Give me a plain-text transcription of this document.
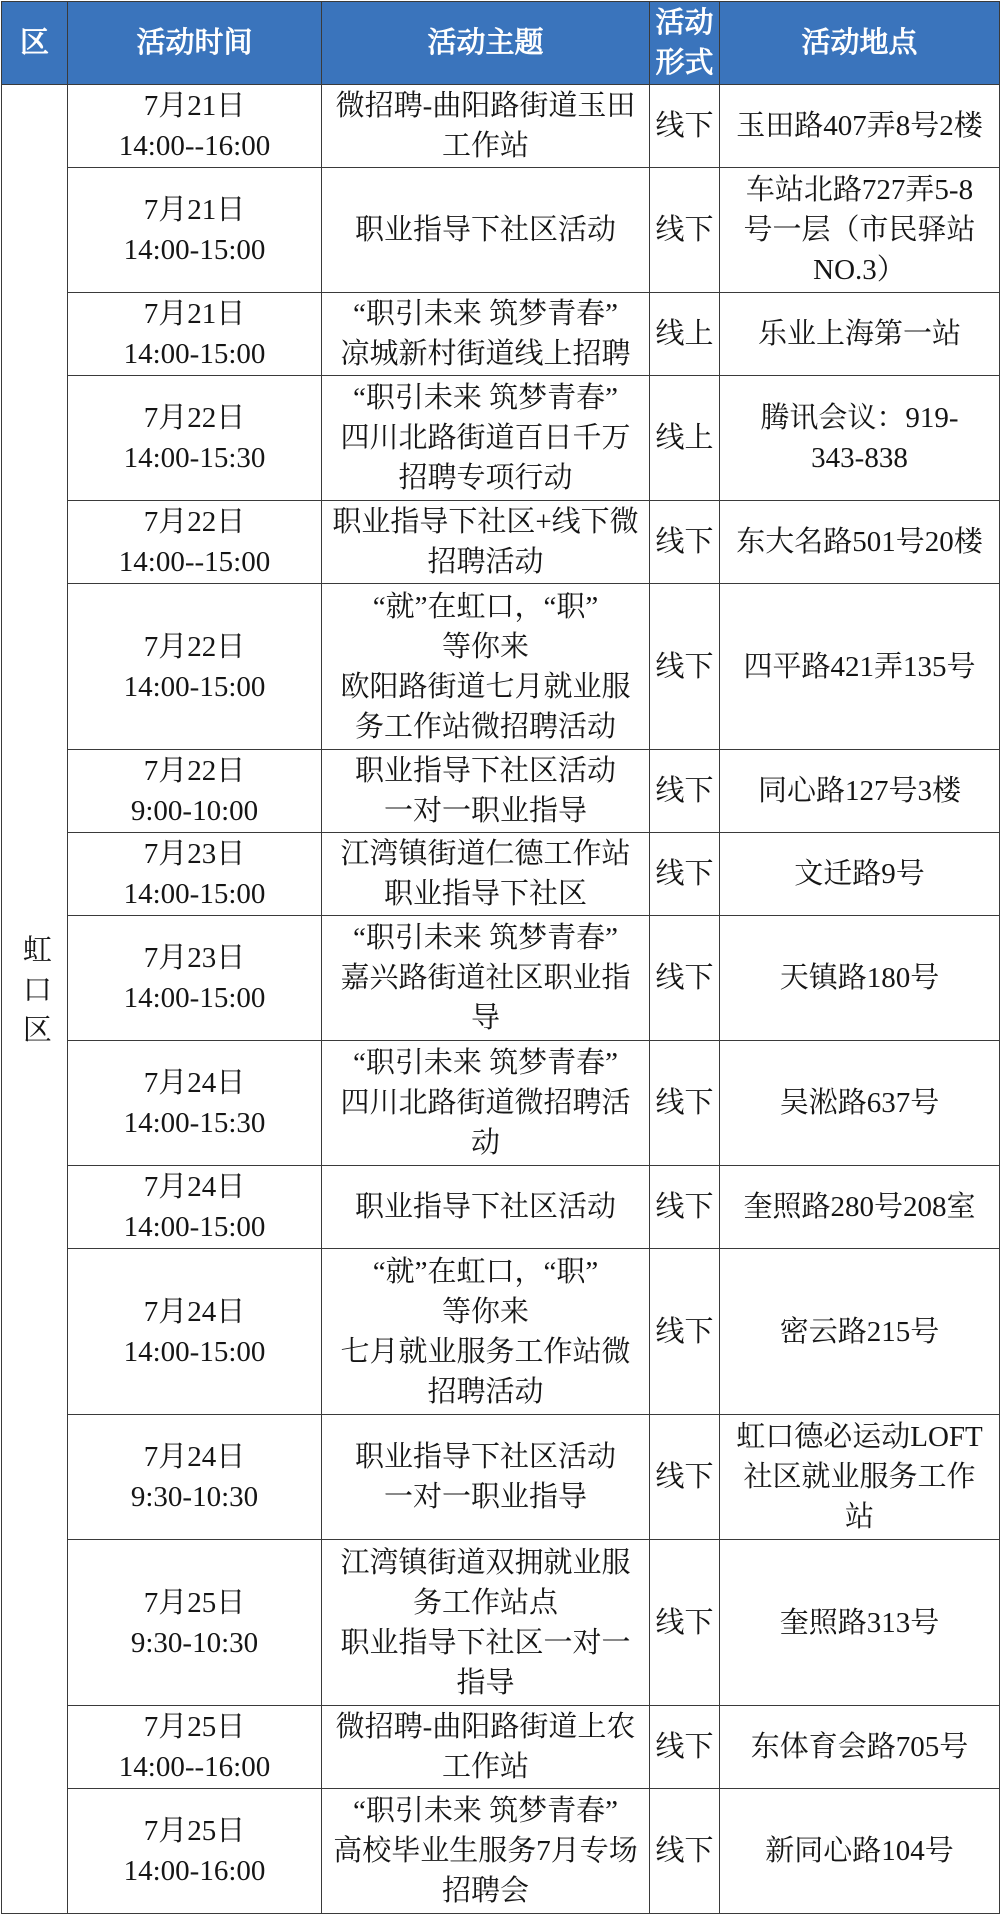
区	活动时间	活动主题	活动形式	活动地点
虹口区	7月21日
14:00--16:00	微招聘-曲阳路街道玉田
工作站	线下	玉田路407弄8号2楼
	7月21日
14:00-15:00	职业指导下社区活动	线下	车站北路727弄5-8
号一层（市民驿站
NO.3）
	7月21日
14:00-15:00	“职引未来 筑梦青春”
凉城新村街道线上招聘	线上	乐业上海第一站
	7月22日
14:00-15:30	“职引未来 筑梦青春”
四川北路街道百日千万
招聘专项行动	线上	腾讯会议：919-
343-838
	7月22日
14:00--15:00	职业指导下社区+线下微
招聘活动	线下	东大名路501号20楼
	7月22日
14:00-15:00	“就”在虹口，“职”
等你来
欧阳路街道七月就业服
务工作站微招聘活动	线下	四平路421弄135号
	7月22日
9:00-10:00	职业指导下社区活动
一对一职业指导	线下	同心路127号3楼
	7月23日
14:00-15:00	江湾镇街道仁德工作站
职业指导下社区	线下	文迁路9号
	7月23日
14:00-15:00	“职引未来 筑梦青春”
嘉兴路街道社区职业指
导	线下	天镇路180号
	7月24日
14:00-15:30	“职引未来 筑梦青春”
四川北路街道微招聘活
动	线下	吴淞路637号
	7月24日
14:00-15:00	职业指导下社区活动	线下	奎照路280号208室
	7月24日
14:00-15:00	“就”在虹口，“职”
等你来
七月就业服务工作站微
招聘活动	线下	密云路215号
	7月24日
9:30-10:30	职业指导下社区活动
一对一职业指导	线下	虹口德必运动LOFT
社区就业服务工作
站
	7月25日
9:30-10:30	江湾镇街道双拥就业服
务工作站点
职业指导下社区一对一
指导	线下	奎照路313号
	7月25日
14:00--16:00	微招聘-曲阳路街道上农
工作站	线下	东体育会路705号
	7月25日
14:00-16:00	“职引未来 筑梦青春”
高校毕业生服务7月专场
招聘会	线下	新同心路104号
